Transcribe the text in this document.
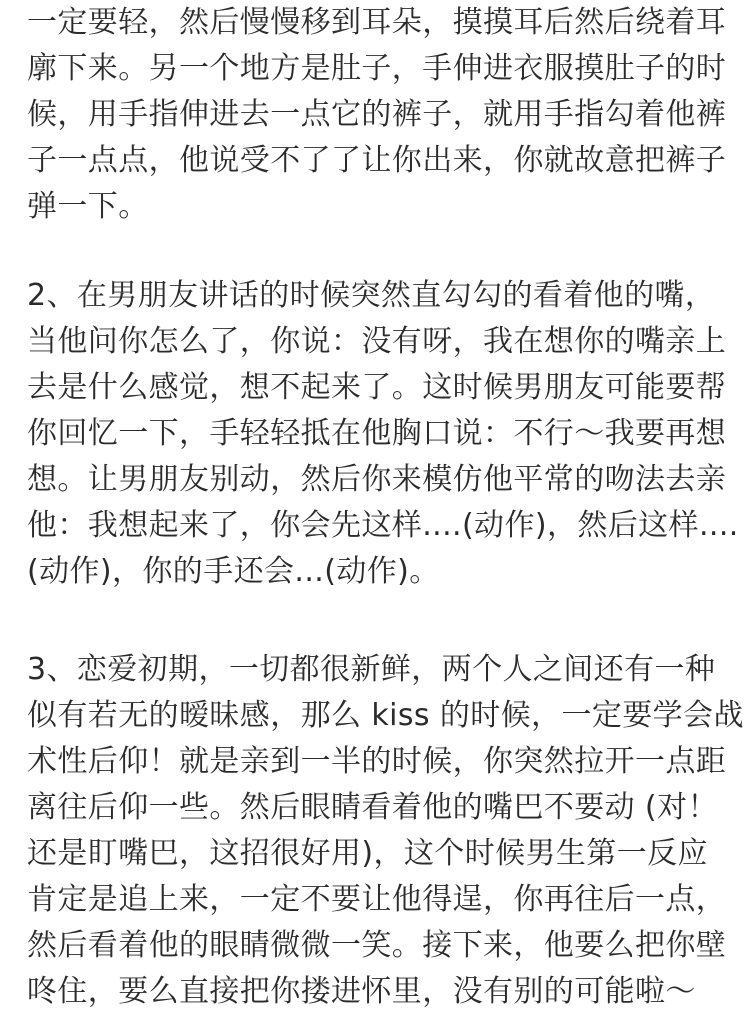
一定要轻，然后慢慢移到耳朵，摸摸耳后然后绕着耳
廓下来。另一个地方是肚子，手伸进衣服摸肚子的时
候，用手指伸进去一点它的裤子，就用手指勾着他裤
子一点点，他说受不了了让你出来，你就故意把裤子
弹一下。
2、在男朋友讲话的时候突然直勾勾的看着他的嘴，
当他问你怎么了，你说：没有呀，我在想你的嘴亲上
去是什么感觉，想不起来了。这时候男朋友可能要帮
你回忆一下，手轻轻抵在他胸口说：不行～我要再想
想。让男朋友别动，然后你来模仿他平常的吻法去亲
他：我想起来了，你会先这样....(动作)，然后这样....
(动作)，你的手还会...(动作)。
3、恋爱初期，一切都很新鲜，两个人之间还有一种
似有若无的暧昧感，那么 kiss 的时候，一定要学会战
术性后仰！就是亲到一半的时候，你突然拉开一点距
离往后仰一些。然后眼睛看着他的嘴巴不要动 (对！
还是盯嘴巴，这招很好用)，这个时候男生第一反应
肯定是追上来，一定不要让他得逞，你再往后一点，
然后看着他的眼睛微微一笑。接下来，他要么把你壁
咚住，要么直接把你搂进怀里，没有别的可能啦～
